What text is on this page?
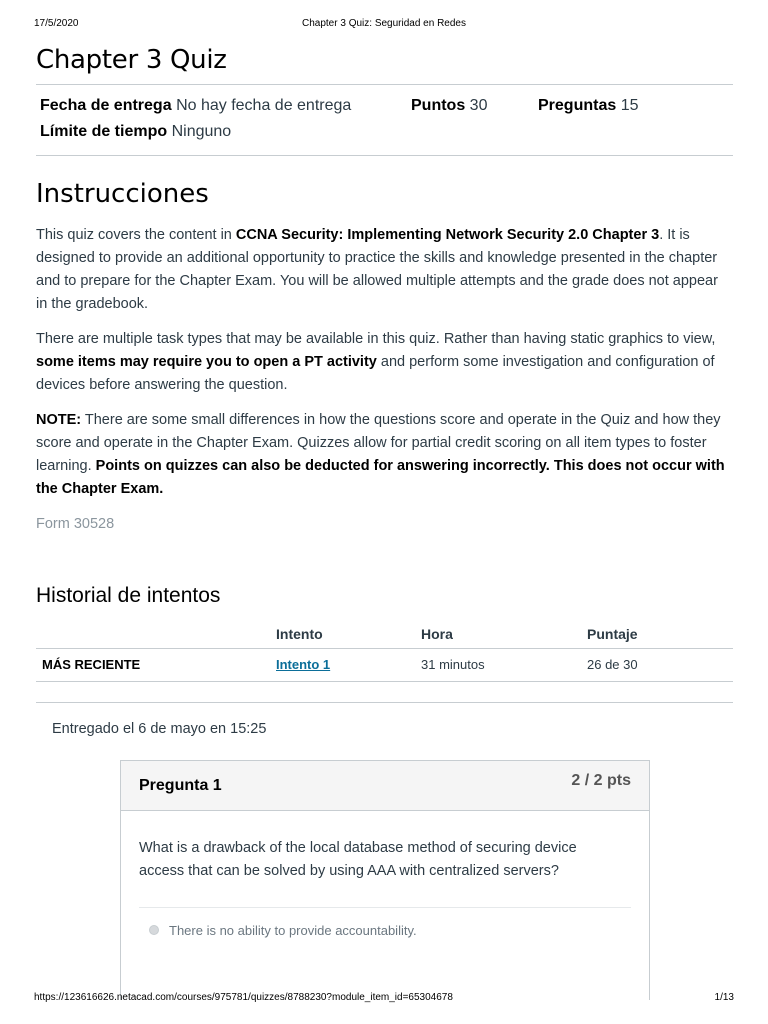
17/5/2020	Chapter 3 Quiz: Seguridad en Redes
Chapter 3 Quiz
Fecha de entrega No hay fecha de entrega	Puntos 30	Preguntas 15
Límite de tiempo Ninguno
Instrucciones

This quiz covers the content in CCNA Security: Implementing Network Security 2.0 Chapter 3. It is designed to provide an additional opportunity to practice the skills and knowledge presented in the chapter and to prepare for the Chapter Exam. You will be allowed multiple attempts and the grade does not appear in the gradebook.

There are multiple task types that may be available in this quiz. Rather than having static graphics to view, some items may require you to open a PT activity and perform some investigation and configuration of devices before answering the question.

NOTE: There are some small differences in how the questions score and operate in the Quiz and how they score and operate in the Chapter Exam. Quizzes allow for partial credit scoring on all item types to foster learning. Points on quizzes can also be deducted for answering incorrectly. This does not occur with the Chapter Exam.

Form 30528

Historial de intentos
	Intento	Hora	Puntaje
MÁS RECIENTE	Intento 1	31 minutos	26 de 30

Entregado el 6 de mayo en 15:25

Pregunta 1	2 / 2 pts

What is a drawback of the local database method of securing device access that can be solved by using AAA with centralized servers?

There is no ability to provide accountability.
https://123616626.netacad.com/courses/975781/quizzes/8788230?module_item_id=65304678	1/13
